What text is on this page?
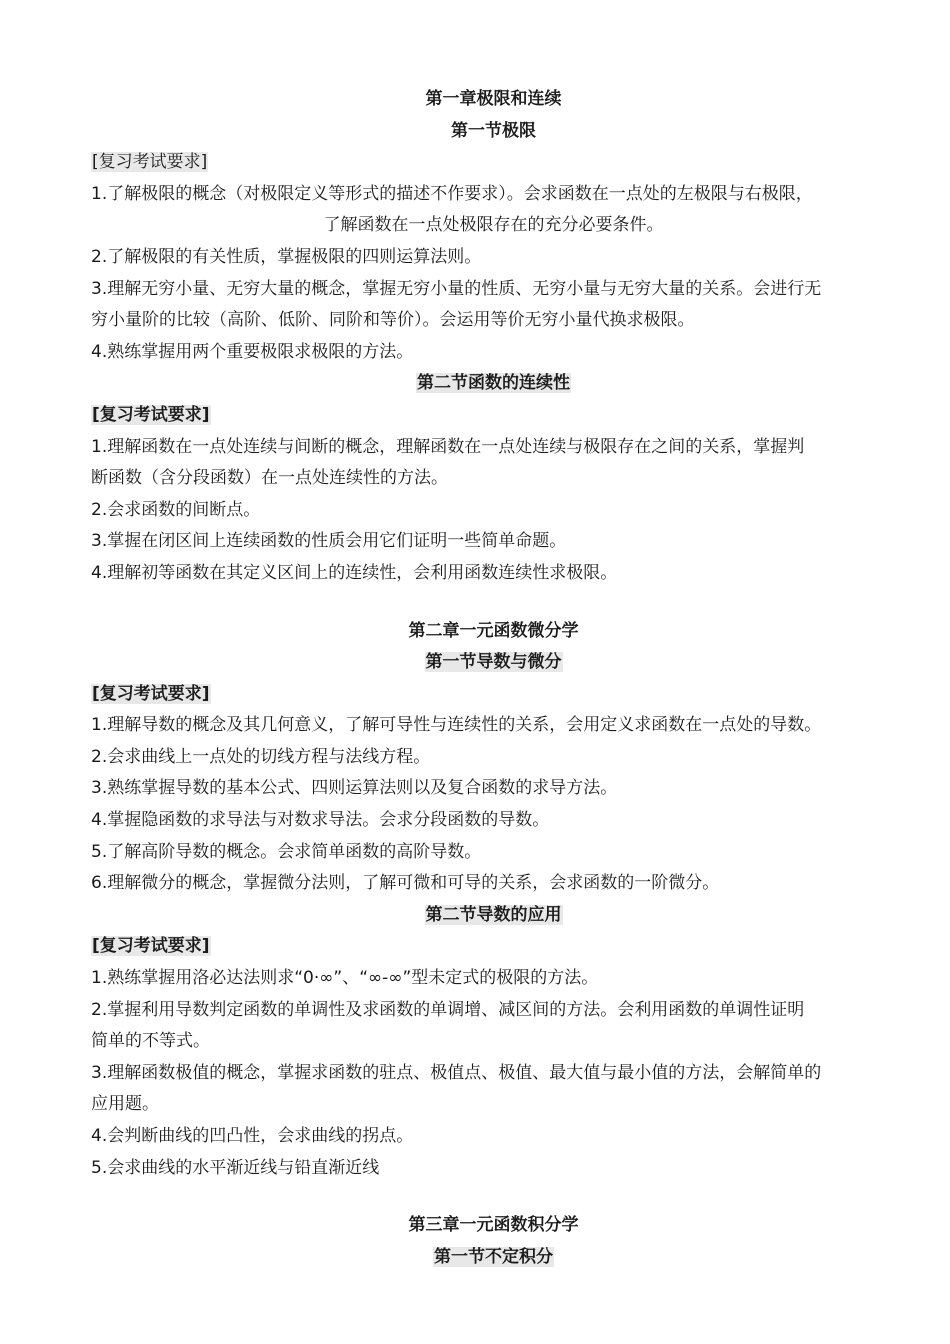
第一章极限和连续
第一节极限
[复习考试要求]
1.了解极限的概念（对极限定义等形式的描述不作要求）。会求函数在一点处的左极限与右极限，
了解函数在一点处极限存在的充分必要条件。
2.了解极限的有关性质，掌握极限的四则运算法则。
3.理解无穷小量、无穷大量的概念，掌握无穷小量的性质、无穷小量与无穷大量的关系。会进行无
穷小量阶的比较（高阶、低阶、同阶和等价）。会运用等价无穷小量代换求极限。
4.熟练掌握用两个重要极限求极限的方法。
第二节函数的连续性
[复习考试要求]
1.理解函数在一点处连续与间断的概念，理解函数在一点处连续与极限存在之间的关系，掌握判
断函数（含分段函数）在一点处连续性的方法。
2.会求函数的间断点。
3.掌握在闭区间上连续函数的性质会用它们证明一些简单命题。
4.理解初等函数在其定义区间上的连续性，会利用函数连续性求极限。
第二章一元函数微分学
第一节导数与微分
[复习考试要求]
1.理解导数的概念及其几何意义，了解可导性与连续性的关系，会用定义求函数在一点处的导数。
2.会求曲线上一点处的切线方程与法线方程。
3.熟练掌握导数的基本公式、四则运算法则以及复合函数的求导方法。
4.掌握隐函数的求导法与对数求导法。会求分段函数的导数。
5.了解高阶导数的概念。会求简单函数的高阶导数。
6.理解微分的概念，掌握微分法则，了解可微和可导的关系，会求函数的一阶微分。
第二节导数的应用
[复习考试要求]
1.熟练掌握用洛必达法则求“0·∞”、“∞-∞”型未定式的极限的方法。
2.掌握利用导数判定函数的单调性及求函数的单调增、减区间的方法。会利用函数的单调性证明
简单的不等式。
3.理解函数极值的概念，掌握求函数的驻点、极值点、极值、最大值与最小值的方法，会解简单的
应用题。
4.会判断曲线的凹凸性，会求曲线的拐点。
5.会求曲线的水平渐近线与铅直渐近线
第三章一元函数积分学
第一节不定积分
